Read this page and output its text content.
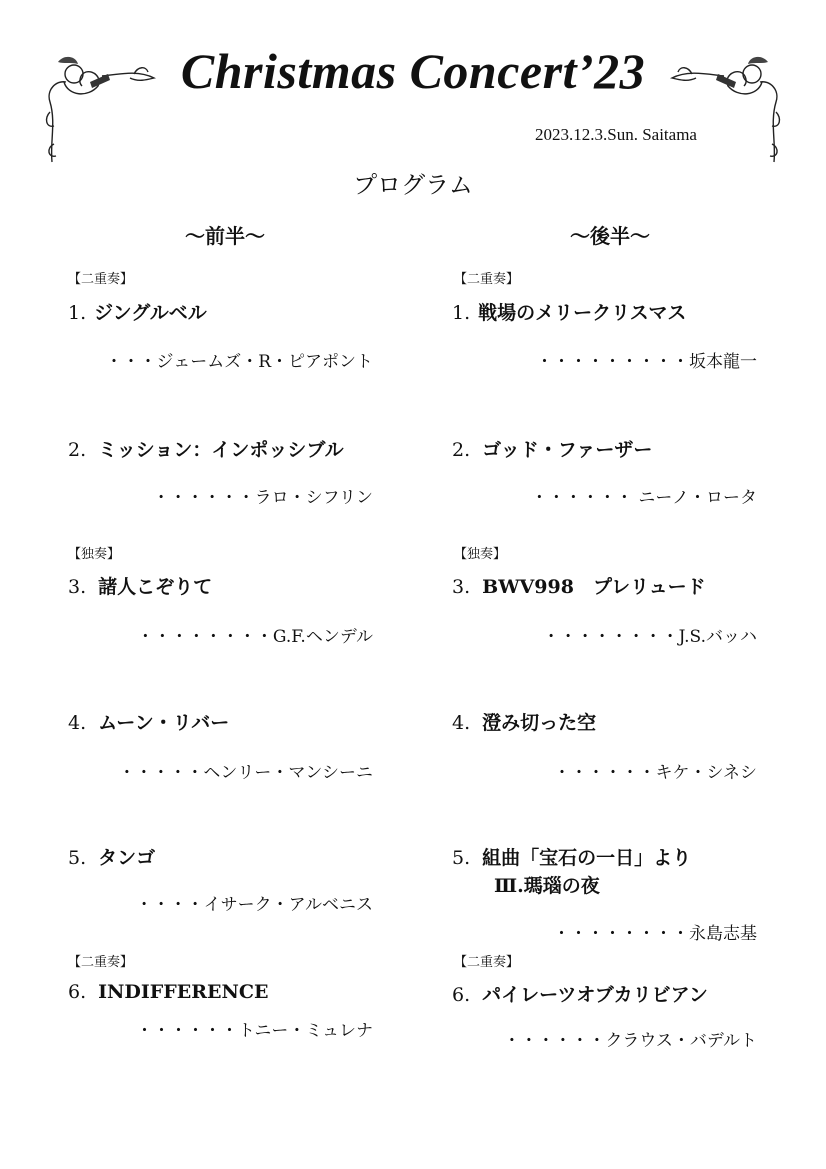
Christmas Concert’23
2023.12.3.Sun. Saitama
プログラム
〜前半〜	〜後半〜
【二重奏】
1. ジングルベル
・・・ジェームズ・R・ピアポント
2. ミッション：インポッシブル
・・・・・・ラロ・シフリン
【独奏】
3. 諸人こぞりて
・・・・・・・・G.F.ヘンデル
4. ムーン・リバー
・・・・・ヘンリー・マンシーニ
5. タンゴ
・・・・イサーク・アルベニス
【二重奏】
6. INDIFFERENCE
・・・・・・トニー・ミュレナ
【二重奏】
1. 戦場のメリークリスマス
・・・・・・・・・坂本龍一
2. ゴッド・ファーザー
・・・・・・ ニーノ・ロータ
【独奏】
3. BWV998　プレリュード
・・・・・・・・J.S.バッハ
4. 澄み切った空
・・・・・・キケ・シネシ
5. 組曲「宝石の一日」より
Ⅲ.瑪瑙の夜
・・・・・・・・永島志基
【二重奏】
6. パイレーツオブカリビアン
・・・・・・クラウス・バデルト
